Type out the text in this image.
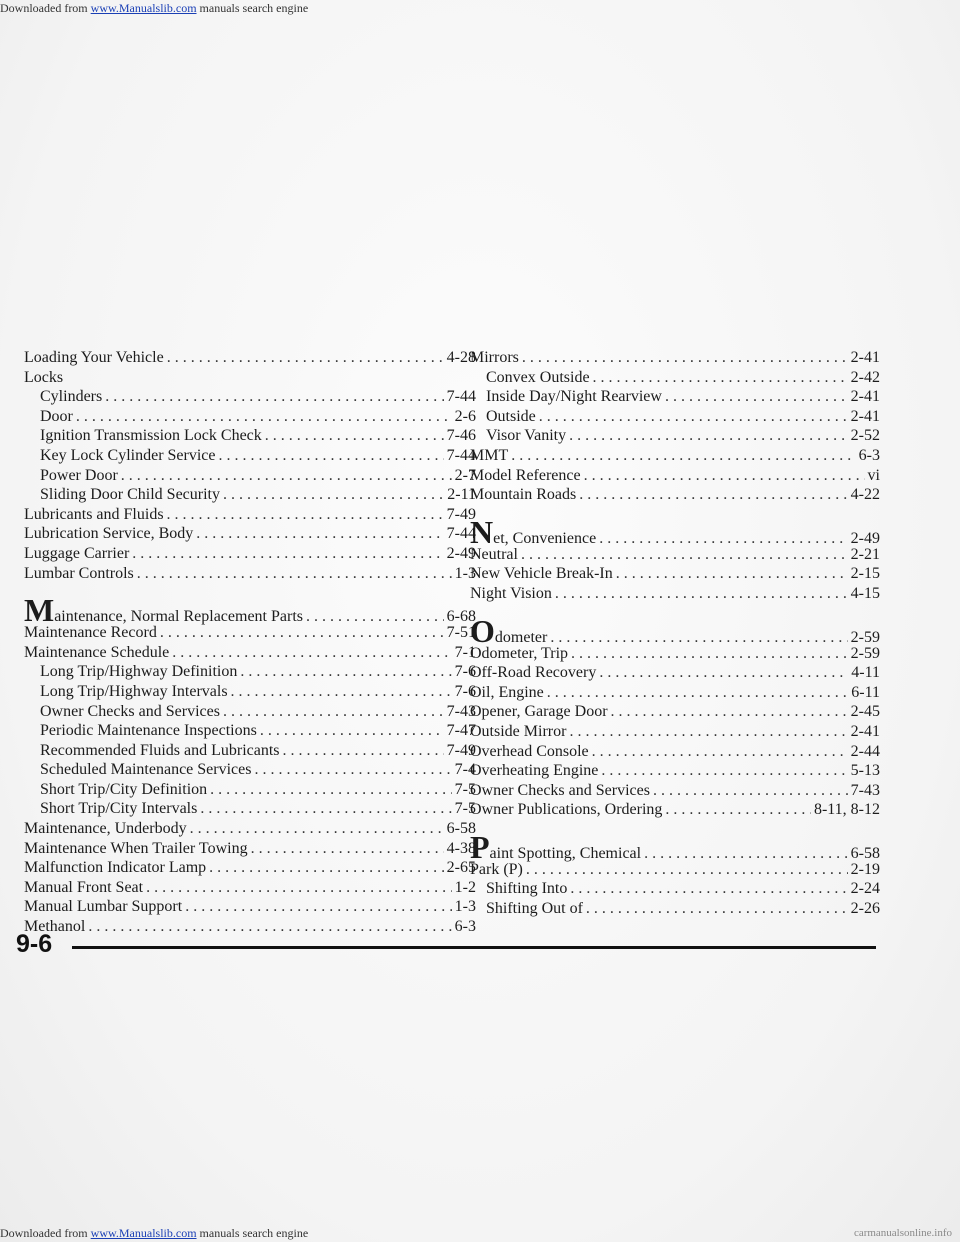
Downloaded from www.Manualslib.com manuals search engine
Loading Your Vehicle . . .	4-28
Locks
Cylinders . . .	7-44
Door . . .	2-6
Ignition Transmission Lock Check . . .	7-46
Key Lock Cylinder Service . . .	7-44
Power Door . . .	2-7
Sliding Door Child Security . . .	2-11
Lubricants and Fluids . . .	7-49
Lubrication Service, Body . . .	7-44
Luggage Carrier . . .	2-49
Lumbar Controls . . .	1-3
Maintenance, Normal Replacement Parts . . .	6-68
Maintenance Record . . .	7-51
Maintenance Schedule . . .	7-1
Long Trip/Highway Definition . . .	7-6
Long Trip/Highway Intervals . . .	7-6
Owner Checks and Services . . .	7-43
Periodic Maintenance Inspections . . .	7-47
Recommended Fluids and Lubricants . . .	7-49
Scheduled Maintenance Services . . .	7-4
Short Trip/City Definition . . .	7-5
Short Trip/City Intervals . . .	7-5
Maintenance, Underbody . . .	6-58
Maintenance When Trailer Towing . . .	4-38
Malfunction Indicator Lamp . . .	2-65
Manual Front Seat . . .	1-2
Manual Lumbar Support . . .	1-3
Methanol . . .	6-3
Mirrors . . .	2-41
Convex Outside . . .	2-42
Inside Day/Night Rearview . . .	2-41
Outside . . .	2-41
Visor Vanity . . .	2-52
MMT . . .	6-3
Model Reference . . .	vi
Mountain Roads . . .	4-22
Net, Convenience . . .	2-49
Neutral . . .	2-21
New Vehicle Break-In . . .	2-15
Night Vision . . .	4-15
Odometer . . .	2-59
Odometer, Trip . . .	2-59
Off-Road Recovery . . .	4-11
Oil, Engine . . .	6-11
Opener, Garage Door . . .	2-45
Outside Mirror . . .	2-41
Overhead Console . . .	2-44
Overheating Engine . . .	5-13
Owner Checks and Services . . .	7-43
Owner Publications, Ordering . . .	8-11, 8-12
Paint Spotting, Chemical . . .	6-58
Park (P) . . .	2-19
Shifting Into . . .	2-24
Shifting Out of . . .	2-26
9-6
Downloaded from www.Manualslib.com manuals search engine	carmanualsonline.info
